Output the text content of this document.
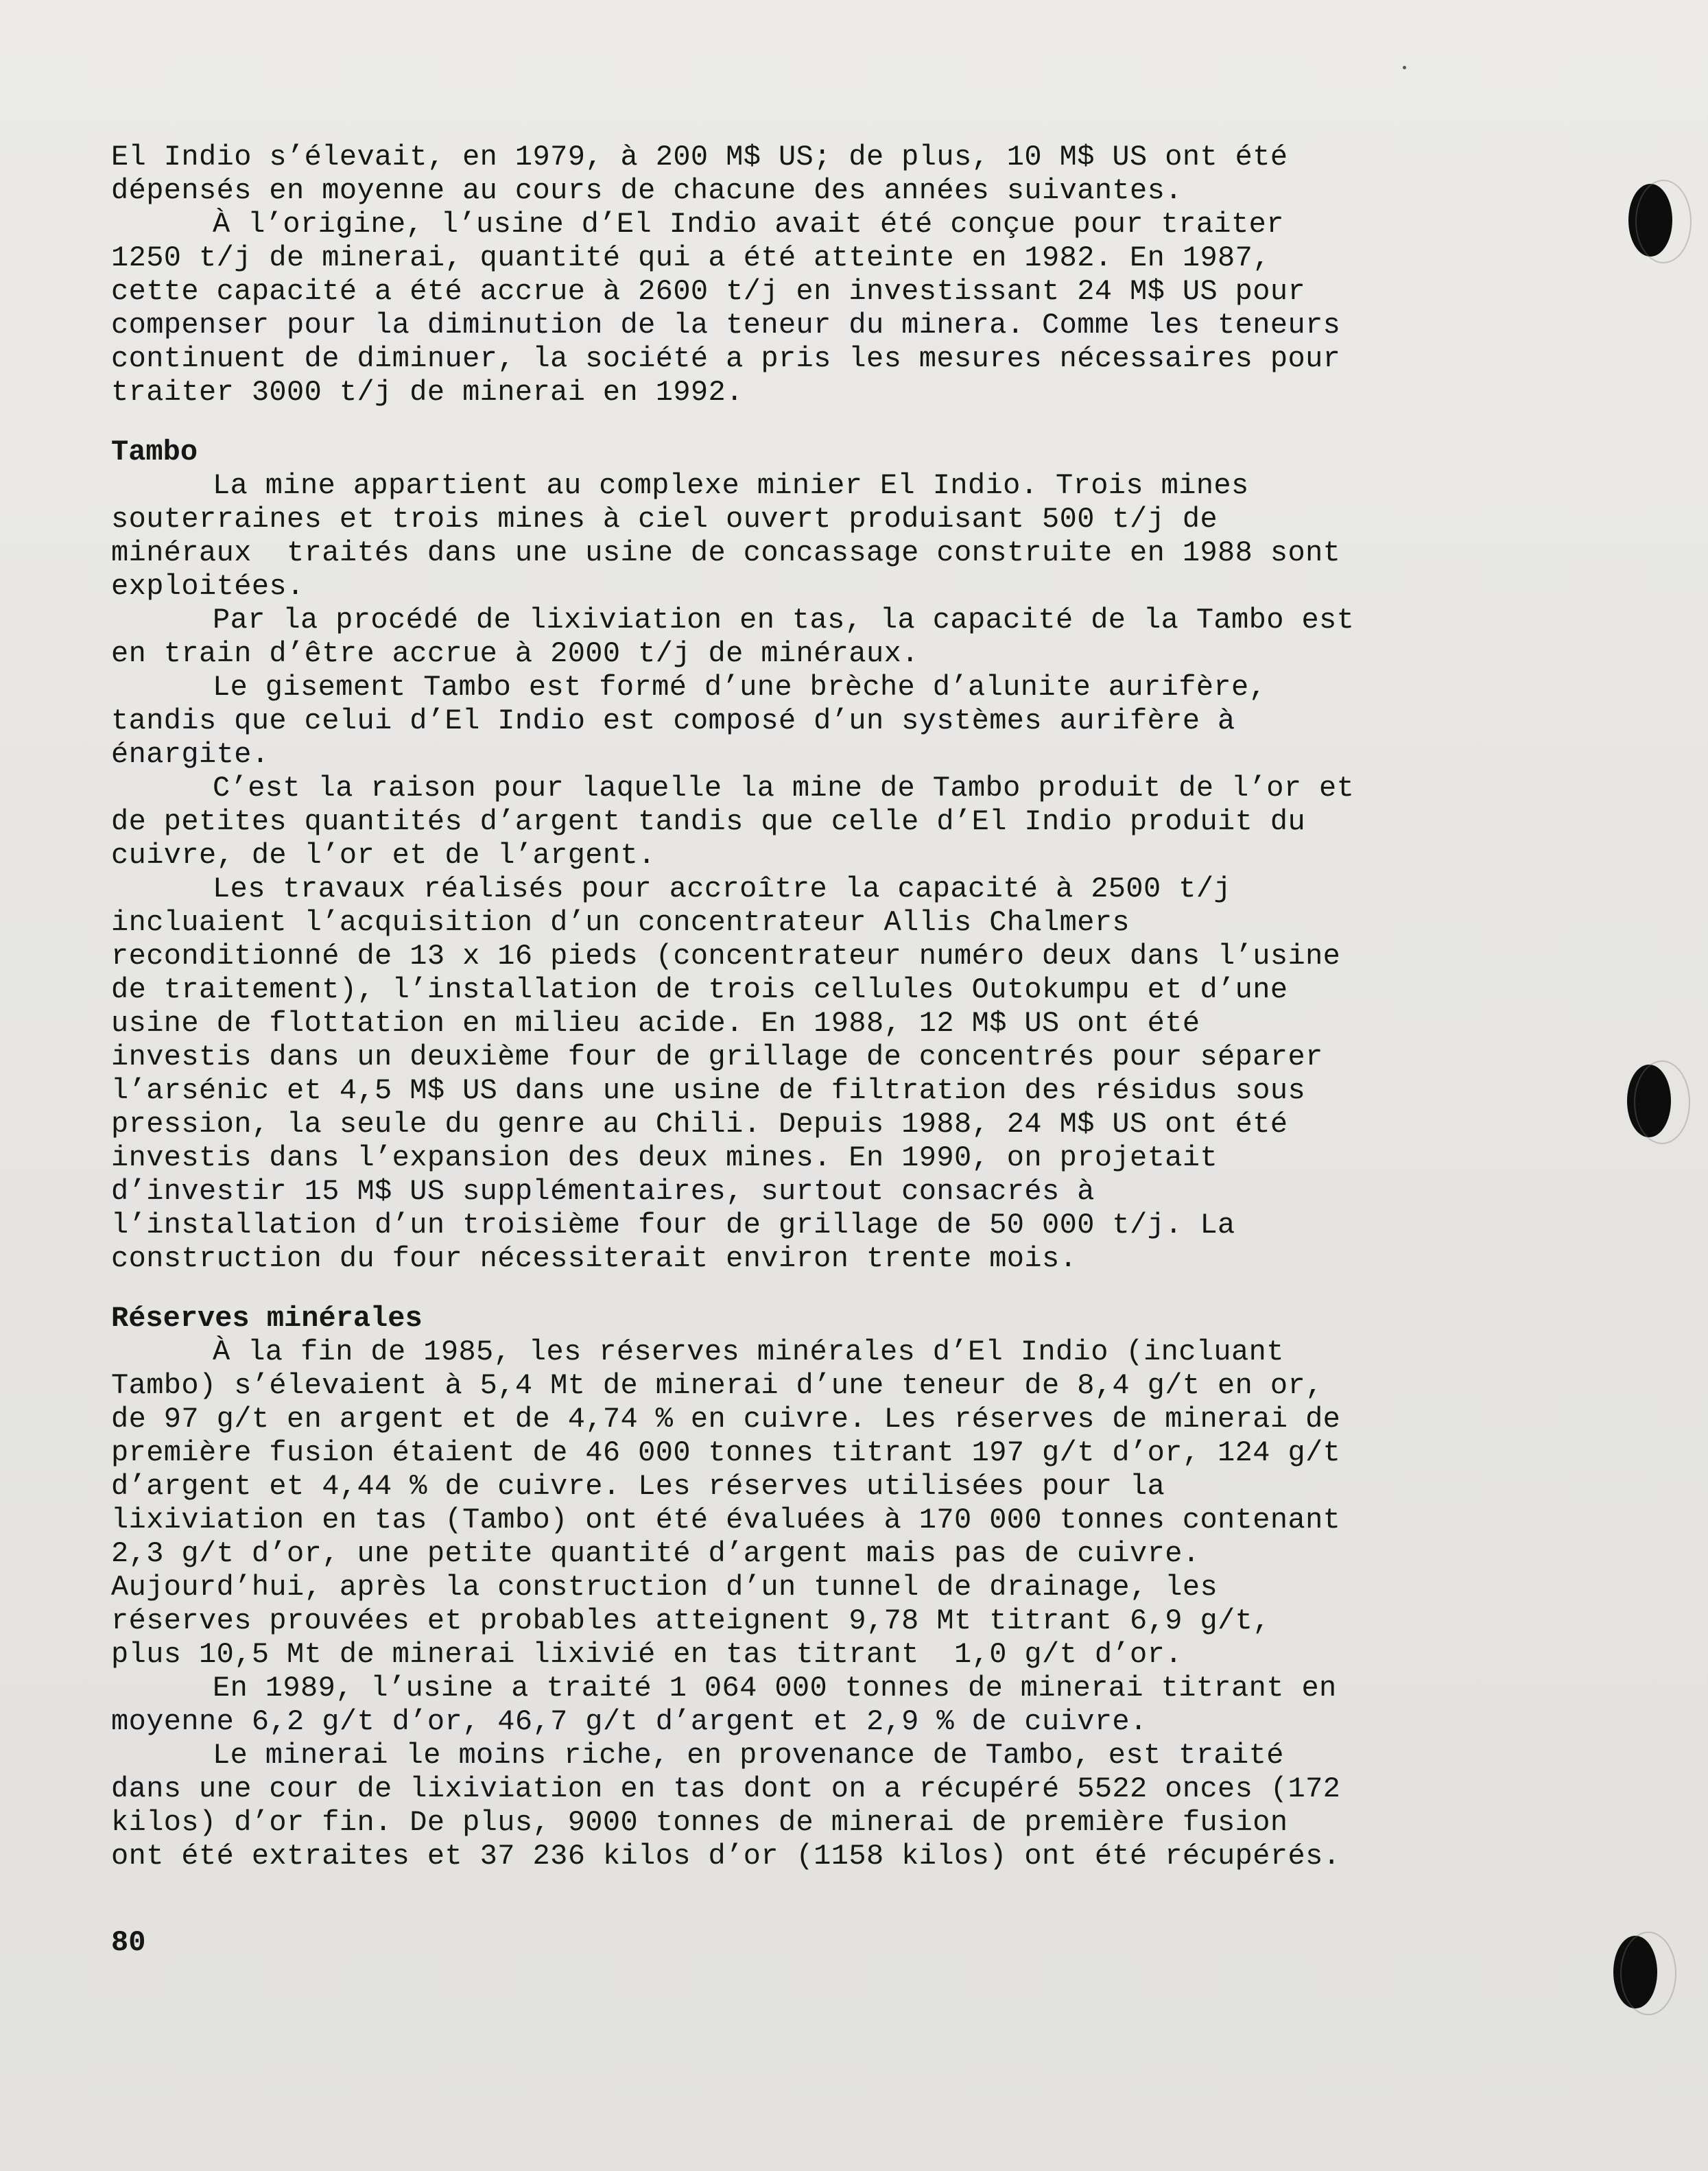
El Indio s’élevait, en 1979, à 200 M$ US; de plus, 10 M$ US ont été
dépensés en moyenne au cours de chacune des années suivantes.
À l’origine, l’usine d’El Indio avait été conçue pour traiter
1250 t/j de minerai, quantité qui a été atteinte en 1982. En 1987,
cette capacité a été accrue à 2600 t/j en investissant 24 M$ US pour
compenser pour la diminution de la teneur du minera. Comme les teneurs
continuent de diminuer, la société a pris les mesures nécessaires pour
traiter 3000 t/j de minerai en 1992.
Tambo
La mine appartient au complexe minier El Indio. Trois mines
souterraines et trois mines à ciel ouvert produisant 500 t/j de
minéraux  traités dans une usine de concassage construite en 1988 sont
exploitées.
Par la procédé de lixiviation en tas, la capacité de la Tambo est
en train d’être accrue à 2000 t/j de minéraux.
Le gisement Tambo est formé d’une brèche d’alunite aurifère,
tandis que celui d’El Indio est composé d’un systèmes aurifère à
énargite.
C’est la raison pour laquelle la mine de Tambo produit de l’or et
de petites quantités d’argent tandis que celle d’El Indio produit du
cuivre, de l’or et de l’argent.
Les travaux réalisés pour accroître la capacité à 2500 t/j
incluaient l’acquisition d’un concentrateur Allis Chalmers
reconditionné de 13 x 16 pieds (concentrateur numéro deux dans l’usine
de traitement), l’installation de trois cellules Outokumpu et d’une
usine de flottation en milieu acide. En 1988, 12 M$ US ont été
investis dans un deuxième four de grillage de concentrés pour séparer
l’arsénic et 4,5 M$ US dans une usine de filtration des résidus sous
pression, la seule du genre au Chili. Depuis 1988, 24 M$ US ont été
investis dans l’expansion des deux mines. En 1990, on projetait
d’investir 15 M$ US supplémentaires, surtout consacrés à
l’installation d’un troisième four de grillage de 50 000 t/j. La
construction du four nécessiterait environ trente mois.
Réserves minérales
À la fin de 1985, les réserves minérales d’El Indio (incluant
Tambo) s’élevaient à 5,4 Mt de minerai d’une teneur de 8,4 g/t en or,
de 97 g/t en argent et de 4,74 % en cuivre. Les réserves de minerai de
première fusion étaient de 46 000 tonnes titrant 197 g/t d’or, 124 g/t
d’argent et 4,44 % de cuivre. Les réserves utilisées pour la
lixiviation en tas (Tambo) ont été évaluées à 170 000 tonnes contenant
2,3 g/t d’or, une petite quantité d’argent mais pas de cuivre.
Aujourd’hui, après la construction d’un tunnel de drainage, les
réserves prouvées et probables atteignent 9,78 Mt titrant 6,9 g/t,
plus 10,5 Mt de minerai lixivié en tas titrant  1,0 g/t d’or.
En 1989, l’usine a traité 1 064 000 tonnes de minerai titrant en
moyenne 6,2 g/t d’or, 46,7 g/t d’argent et 2,9 % de cuivre.
Le minerai le moins riche, en provenance de Tambo, est traité
dans une cour de lixiviation en tas dont on a récupéré 5522 onces (172
kilos) d’or fin. De plus, 9000 tonnes de minerai de première fusion
ont été extraites et 37 236 kilos d’or (1158 kilos) ont été récupérés.
80
